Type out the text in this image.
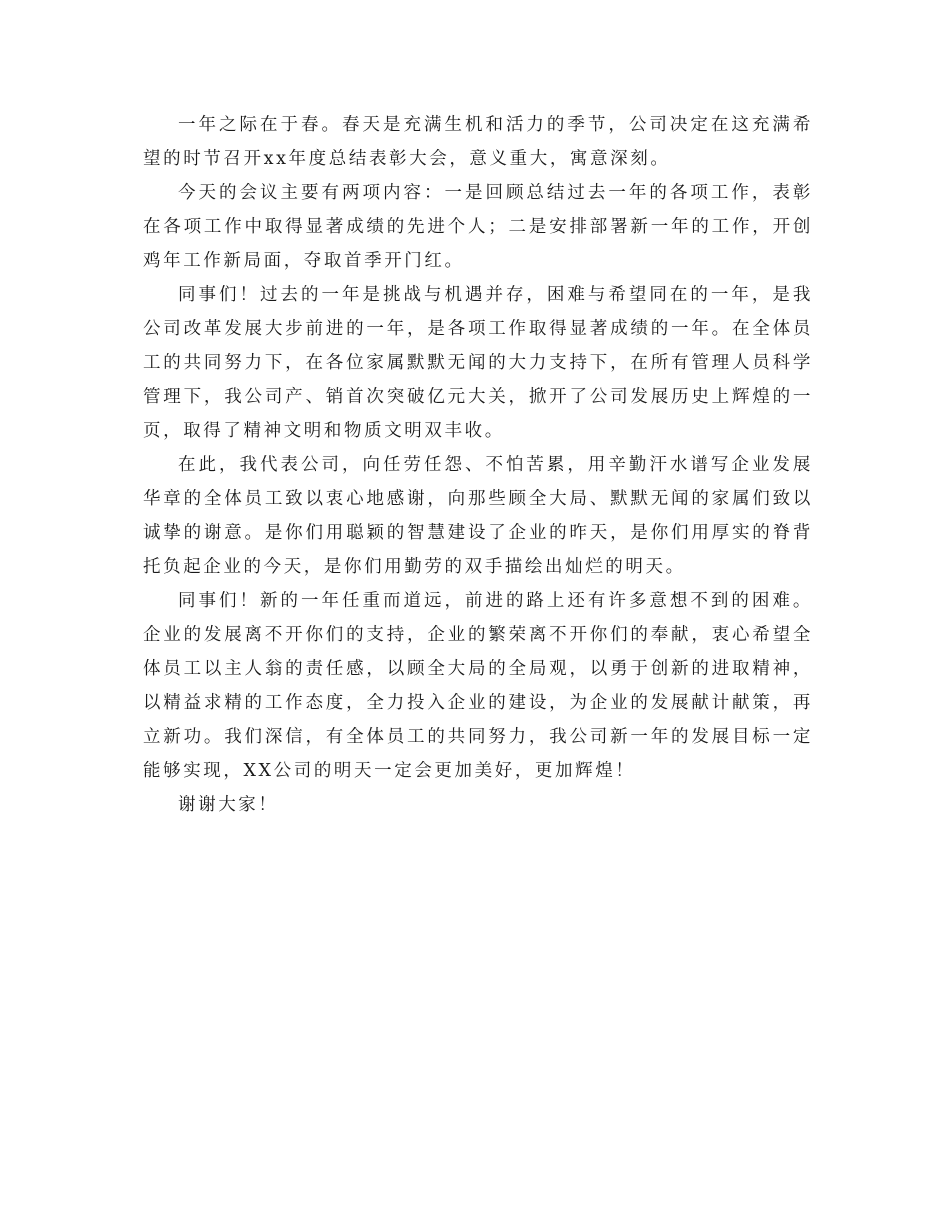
一年之际在于春。春天是充满生机和活力的季节，公司决定在这充满希望的时节召开xx年度总结表彰大会，意义重大，寓意深刻。

今天的会议主要有两项内容：一是回顾总结过去一年的各项工作，表彰在各项工作中取得显著成绩的先进个人；二是安排部署新一年的工作，开创鸡年工作新局面，夺取首季开门红。

同事们！过去的一年是挑战与机遇并存，困难与希望同在的一年，是我公司改革发展大步前进的一年，是各项工作取得显著成绩的一年。在全体员工的共同努力下，在各位家属默默无闻的大力支持下，在所有管理人员科学管理下，我公司产、销首次突破亿元大关，掀开了公司发展历史上辉煌的一页，取得了精神文明和物质文明双丰收。

在此，我代表公司，向任劳任怨、不怕苦累，用辛勤汗水谱写企业发展华章的全体员工致以衷心地感谢，向那些顾全大局、默默无闻的家属们致以诚挚的谢意。是你们用聪颖的智慧建设了企业的昨天，是你们用厚实的脊背托负起企业的今天，是你们用勤劳的双手描绘出灿烂的明天。

同事们！新的一年任重而道远，前进的路上还有许多意想不到的困难。企业的发展离不开你们的支持，企业的繁荣离不开你们的奉献，衷心希望全体员工以主人翁的责任感，以顾全大局的全局观，以勇于创新的进取精神，以精益求精的工作态度，全力投入企业的建设，为企业的发展献计献策，再立新功。我们深信，有全体员工的共同努力，我公司新一年的发展目标一定能够实现，XX公司的明天一定会更加美好，更加辉煌！

谢谢大家！
